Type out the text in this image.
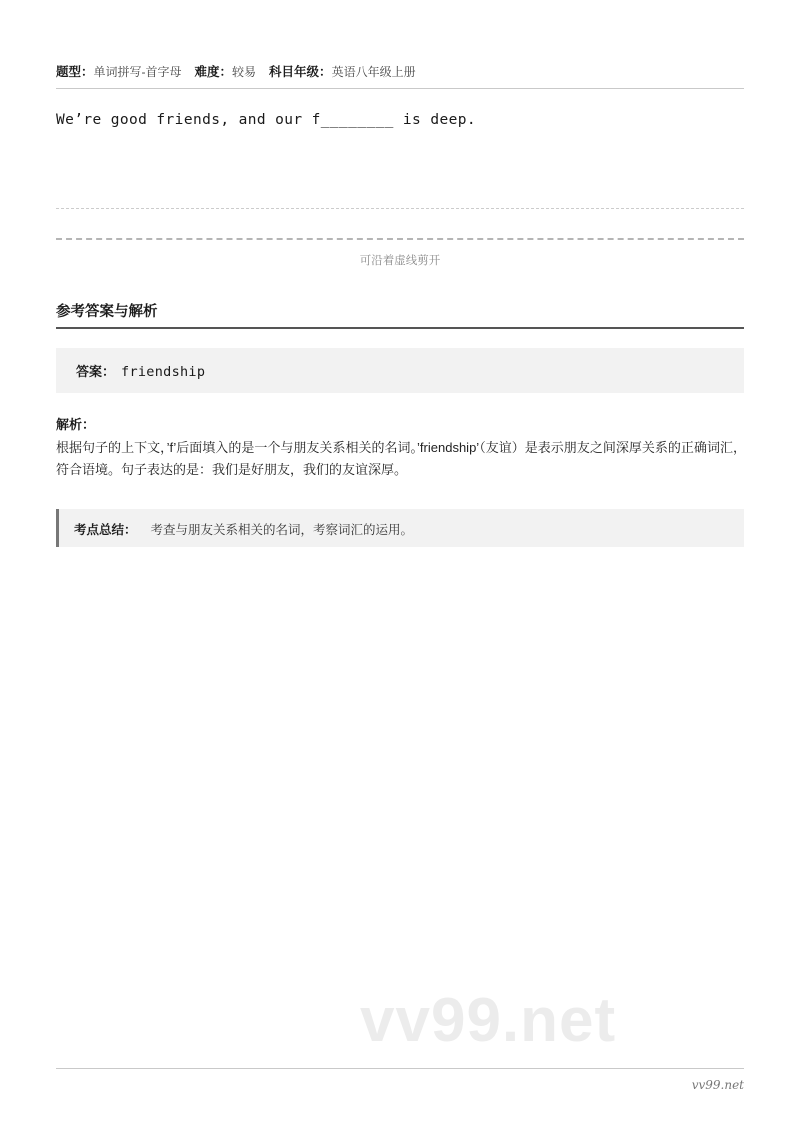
题型：单词拼写-首字母 难度：较易 科目年级：英语八年级上册
We’re good friends, and our f________ is deep.
可沿着虚线剪开
参考答案与解析
答案： friendship
解析：
根据句子的上下文，’f’后面填入的是一个与朋友关系相关的名词。’friendship’（友谊）是表示朋友之间深厚关系的正确词汇，符合语境。句子表达的是：我们是好朋友，我们的友谊深厚。
考点总结： 考查与朋友关系相关的名词，考察词汇的运用。
vv99.net
vv99.net
